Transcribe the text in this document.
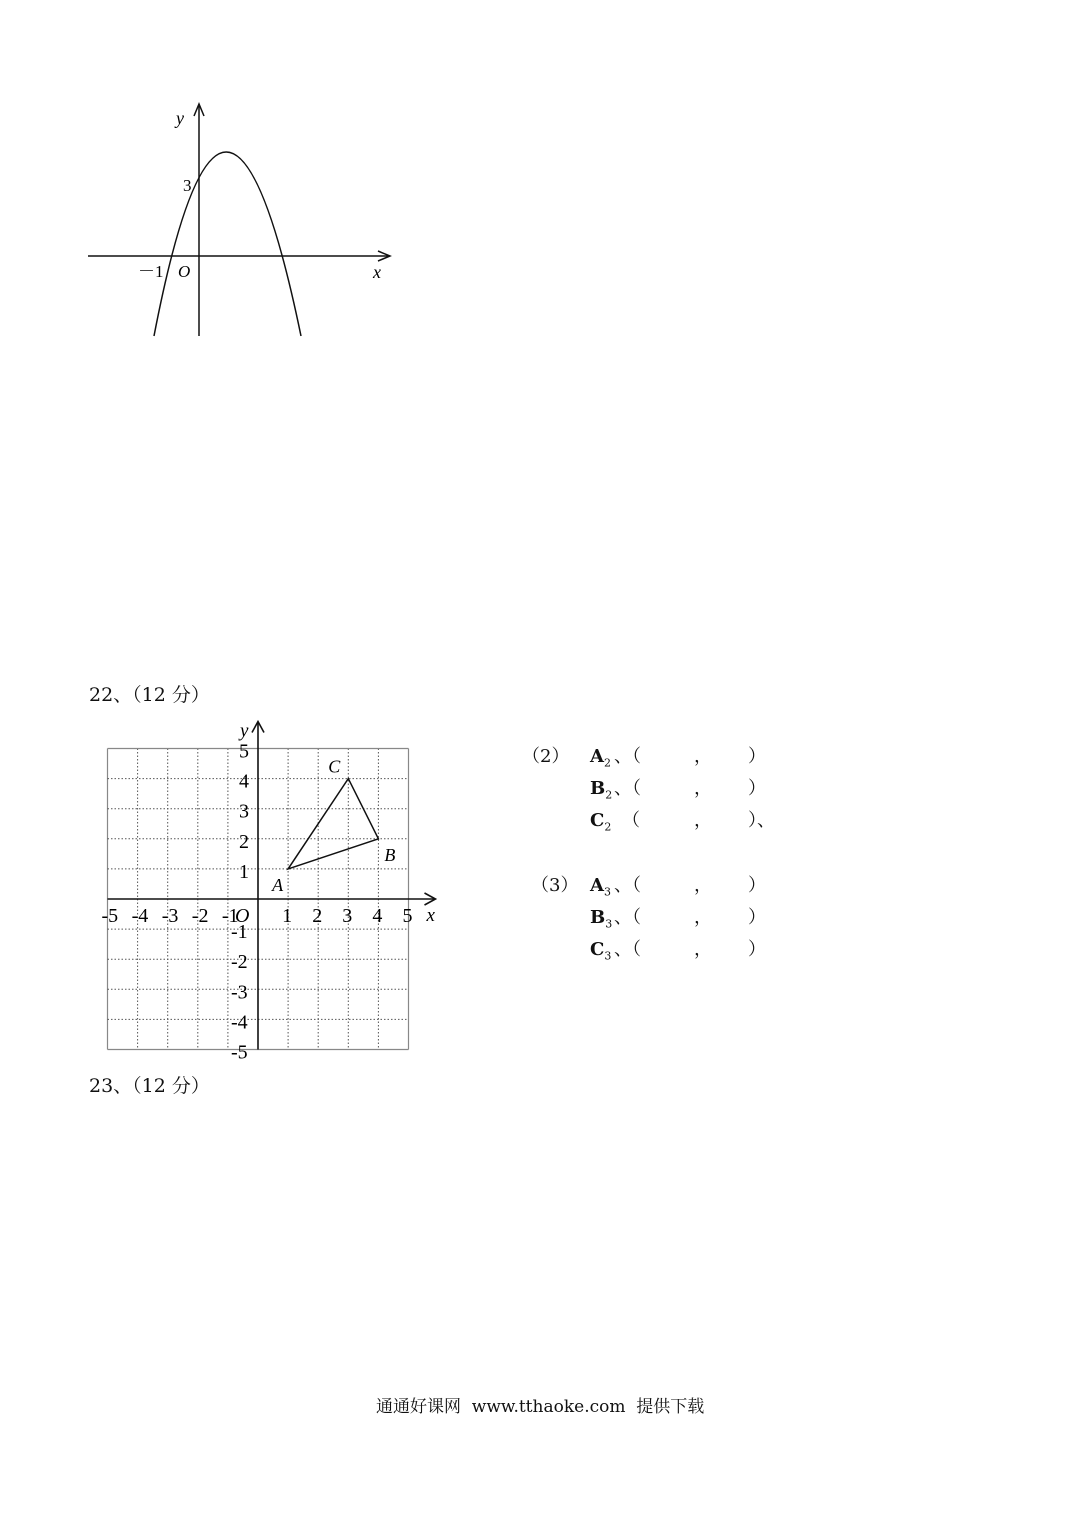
y
x
O
－1
3
22、（12 分）
-5 -4 -3 -2 -1 1 2 3 4 5
5
4
3
2
1
-1
-2
-3
-4
-5
O	x
y
A
B
C	（2） $A_2$ 、（	， ）
$B_2$ 、（	， ）
$C_2$ （	， ）、
（3） $A_3$ 、（	， ）
$B_3$ 、（	， ）
$C_3$ 、（	， ）
23、（12 分）
通通好课网  www.tthaoke.com  提供下载
